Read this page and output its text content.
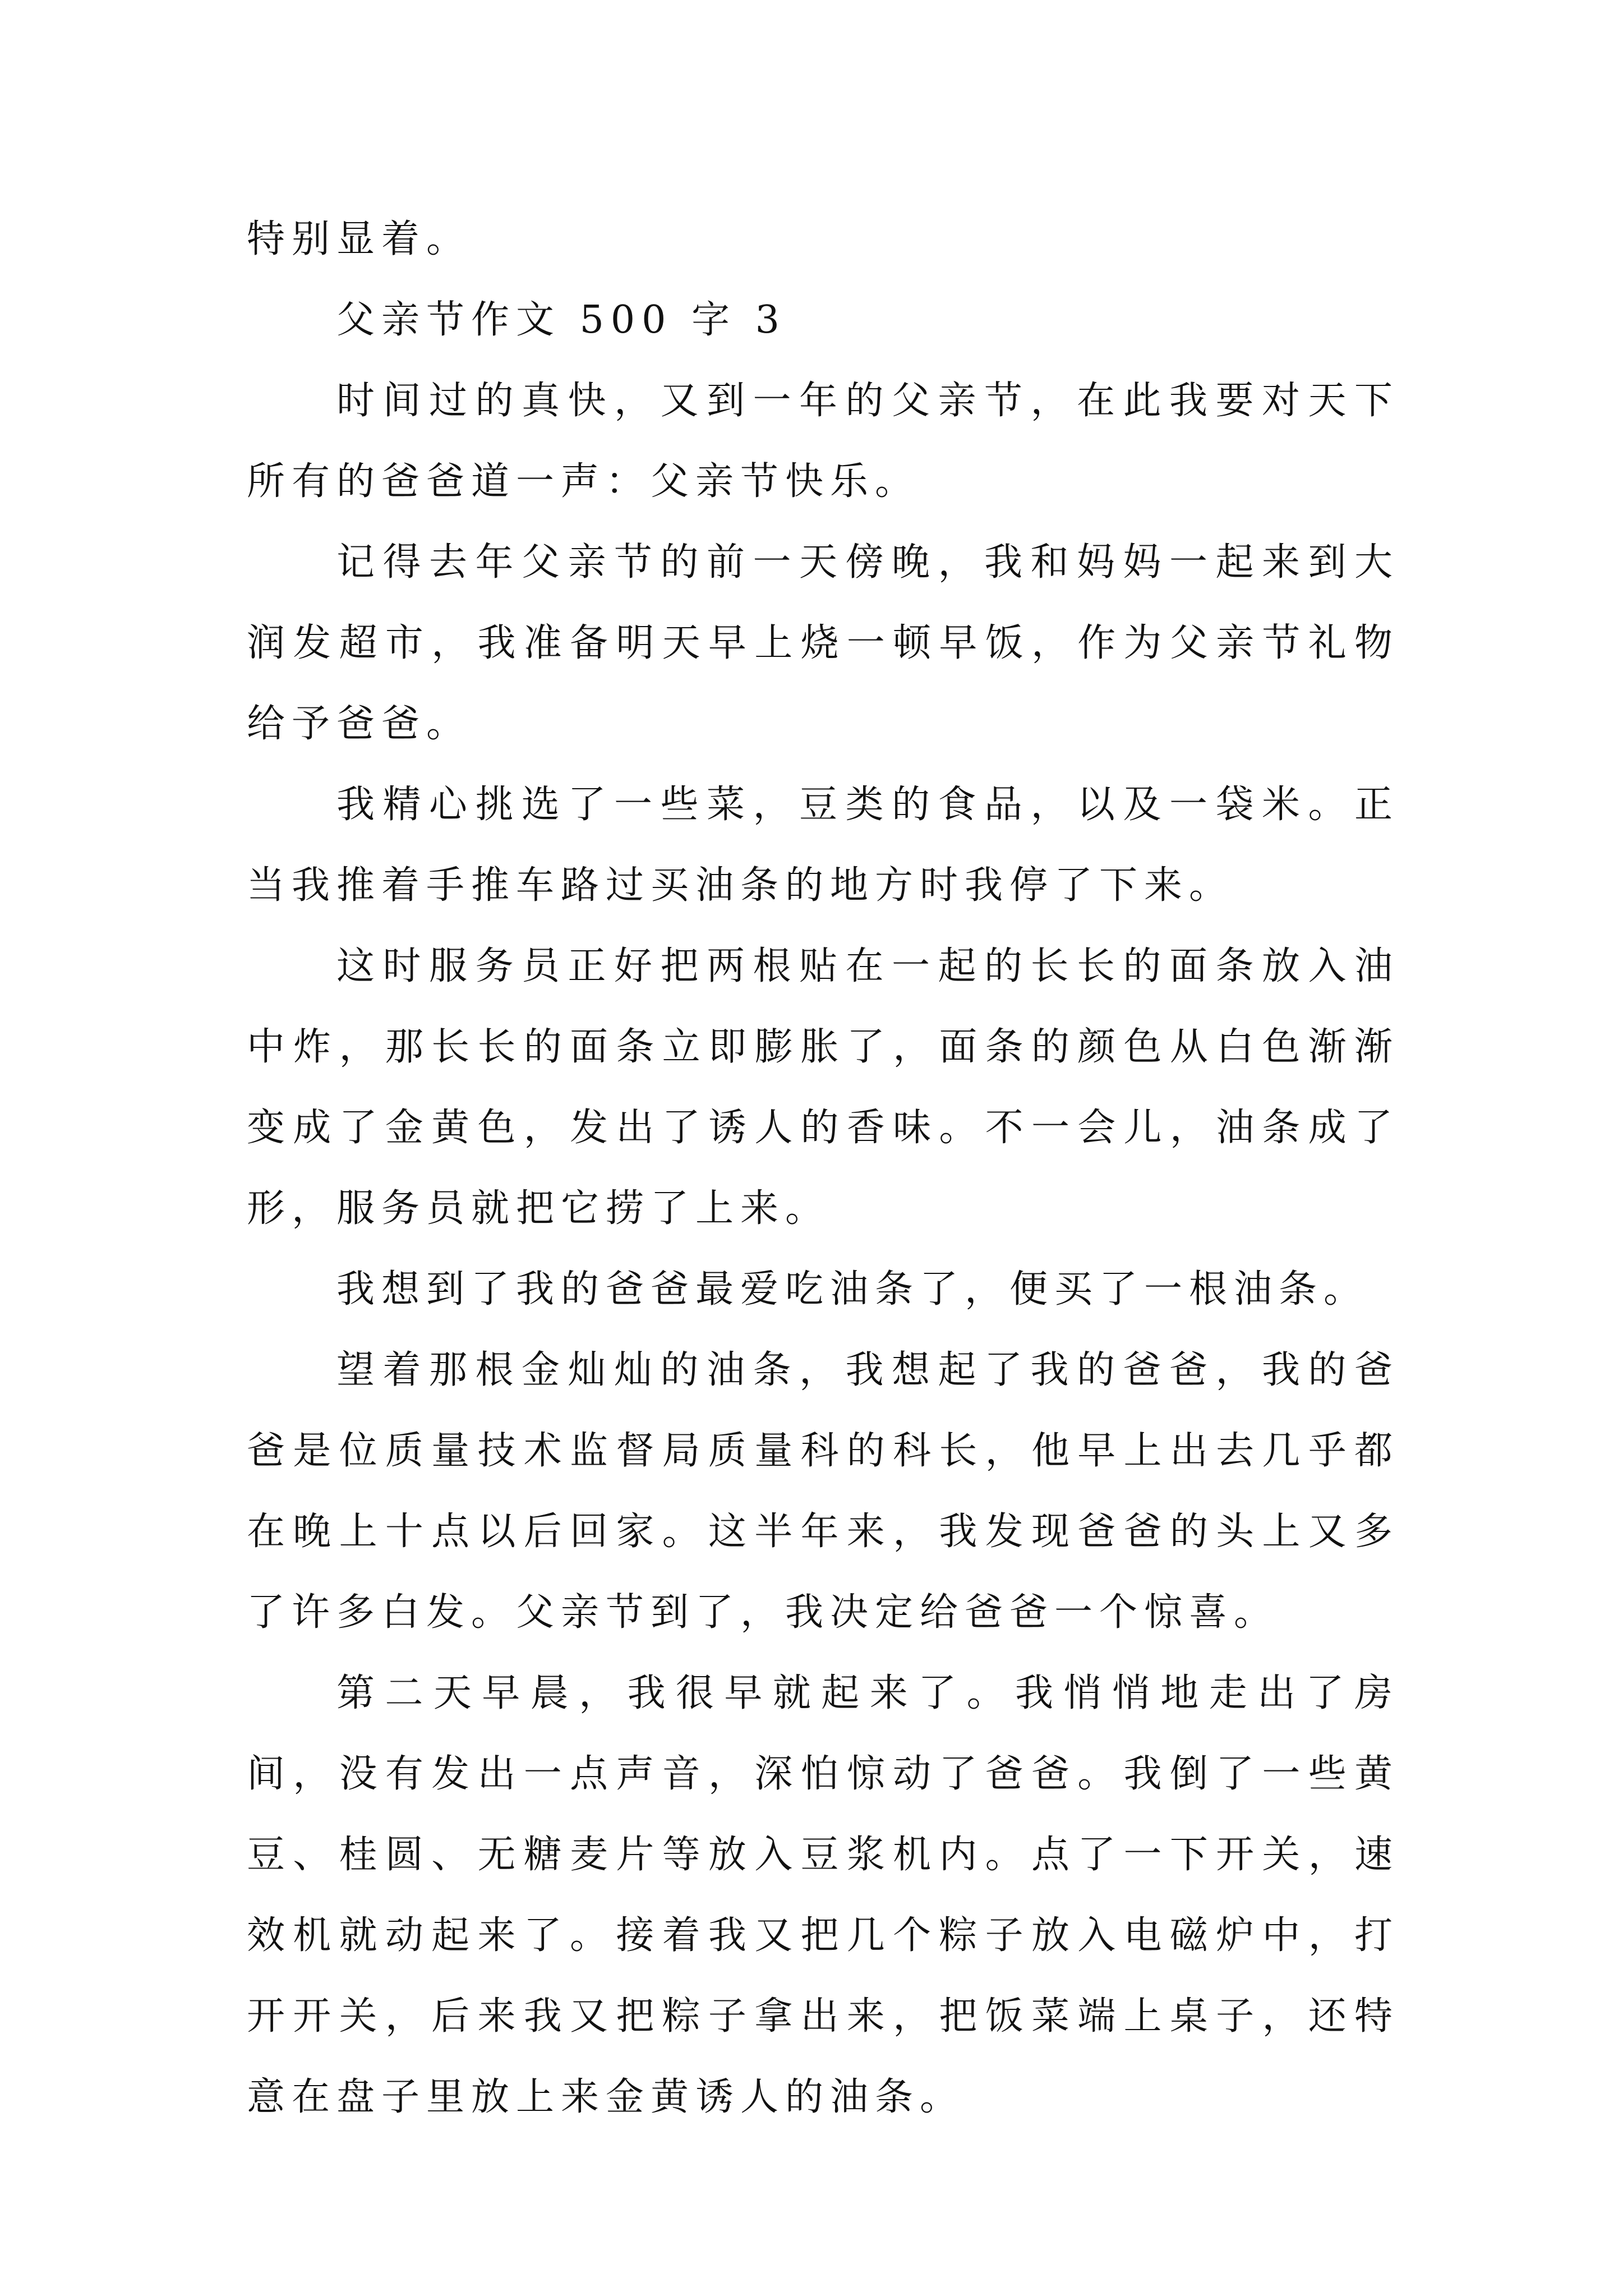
特别显着。

父亲节作文 500 字 3

时间过的真快，又到一年的父亲节，在此我要对天下所有的爸爸道一声：父亲节快乐。

记得去年父亲节的前一天傍晚，我和妈妈一起来到大润发超市，我准备明天早上烧一顿早饭，作为父亲节礼物给予爸爸。

我精心挑选了一些菜，豆类的食品，以及一袋米。正当我推着手推车路过买油条的地方时我停了下来。

这时服务员正好把两根贴在一起的长长的面条放入油中炸，那长长的面条立即膨胀了，面条的颜色从白色渐渐变成了金黄色，发出了诱人的香味。不一会儿，油条成了形，服务员就把它捞了上来。

我想到了我的爸爸最爱吃油条了，便买了一根油条。

望着那根金灿灿的油条，我想起了我的爸爸，我的爸爸是位质量技术监督局质量科的科长，他早上出去几乎都在晚上十点以后回家。这半年来，我发现爸爸的头上又多了许多白发。父亲节到了，我决定给爸爸一个惊喜。

第二天早晨，我很早就起来了。我悄悄地走出了房间，没有发出一点声音，深怕惊动了爸爸。我倒了一些黄豆、桂圆、无糖麦片等放入豆浆机内。点了一下开关，速效机就动起来了。接着我又把几个粽子放入电磁炉中，打开开关，后来我又把粽子拿出来，把饭菜端上桌子，还特意在盘子里放上来金黄诱人的油条。
